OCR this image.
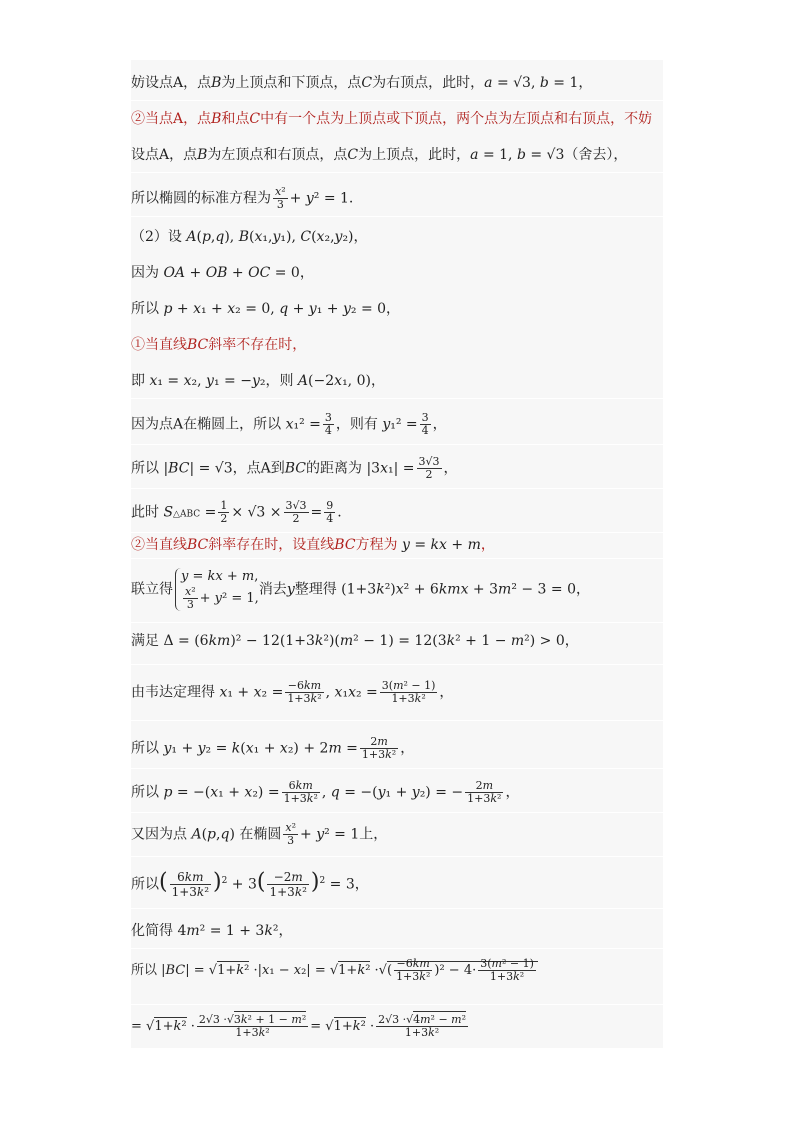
妨设点A，点B为上顶点和下顶点，点C为右顶点，此时，a = √3, b = 1，
②当点A，点B和点C中有一个点为上顶点或下顶点，两个点为左顶点和右顶点，不妨
设点A，点B为左顶点和右顶点，点C为上顶点，此时，a = 1, b = √3（舍去），
所以椭圆的标准方程为 $\frac{\text{x²}}{3} + y^2 = 1$.
（2）设 A(p,q), B(x₁,y₁), C(x₂,y₂)，
因为 OA + OB + OC = 0，
所以 p + x₁ + x₂ = 0, q + y₁ + y₂ = 0，
①当直线BC斜率不存在时，
即 x₁ = x₂, y₁ = −y₂，则 A(−2x₁, 0)，
因为点A在椭圆上，所以 $x_1^2 = \frac{3}{4}$ ，则有 $y_1^2 = \frac{3}{4}$ ，
所以 |BC| = √3，点A到BC的距离为 $|3x_1| = \frac{3√3}{2}$ ，
此时 S△ABC = $\frac{1}{2} \times √3 \times \frac{3√3}{2} = \frac{9}{4}$ .
②当直线BC斜率存在时，设直线BC方程为 y = kx + m，
联立得y = kx + m,

$\frac{\text{x²}}{3} + y^2 = 1$,消去y整理得 (1+3k²)x² + 6kmx + 3m² − 3 = 0，
满足 Δ = (6km)² − 12(1+3k²)(m² − 1) = 12(3k² + 1 − m²) > 0，
由韦达定理得 $x_1 + x_2 = \frac{-6km}{\text{1+3k²}}$ , $x_1x_2 = \frac{\text{3(m² − 1)}}{\text{1+3k²}}$ ，
所以 $y_1 + y_2 = k(x_1 + x_2) + 2m = \frac{2m}{\text{1+3k²}}$ ，
所以 $p = -(x_1 + x_2) = \frac{6km}{\text{1+3k²}}$ , q = −(y₁ + y₂) = − $\frac{2m}{\text{1+3k²}}$ ，
又因为点 A(p,q) 在椭圆 $\frac{\text{x²}}{3} + y^2 = 1$上，
所以( $\frac{6km}{\text{1+3k²}} )^2 + 3( \frac{-2m}{\text{1+3k²}} )^2 = 3$，
化简得 4m² = 1 + 3k²，
所以 |BC| = √1+k² ·|x₁ − x₂| = √1+k² ·√( $\frac{-6km}{\text{1+3k²}} )^2 - 4\cdot \frac{\text{3(m² − 1)}}{\text{1+3k²}}$
= $√1+k^2 \cdot \frac{\text{2√3 ·√3k² + 1 − m²}}{\text{1+3k²}} = √1+k^2 \cdot \frac{\text{2√3 ·√4m² − m²}}{\text{1+3k²}}$
